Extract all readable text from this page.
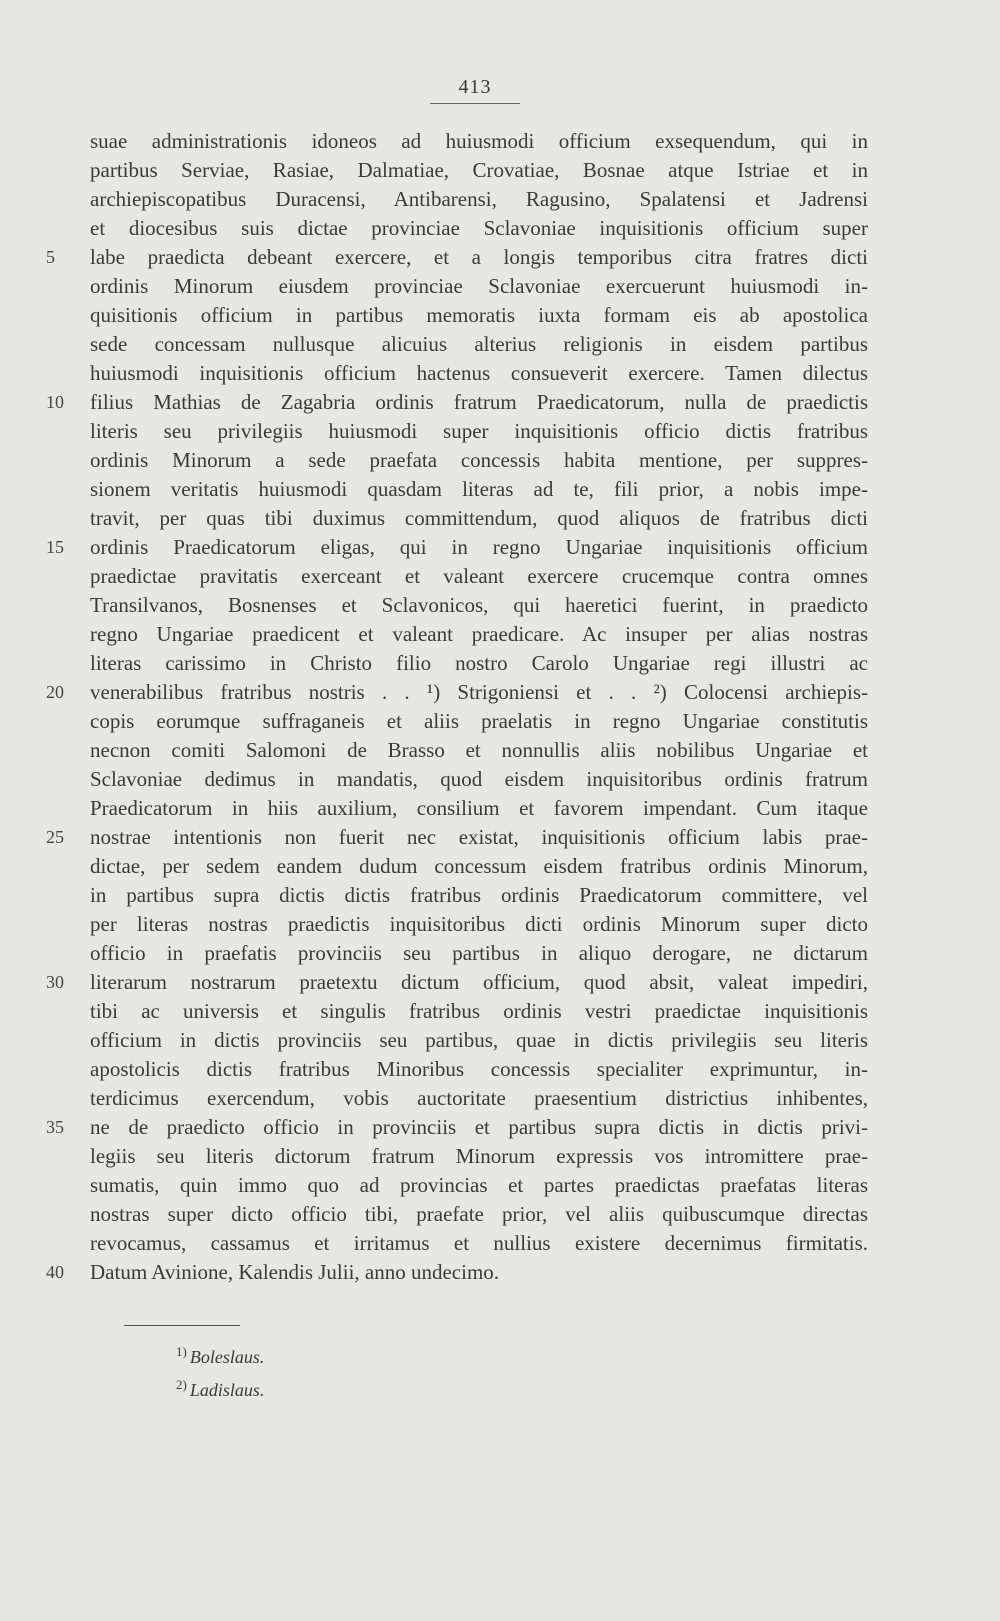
413
suae administrationis idoneos ad huiusmodi officium exsequendum, qui in
partibus Serviae, Rasiae, Dalmatiae, Crovatiae, Bosnae atque Istriae et in
archiepiscopatibus Duracensi, Antibarensi, Ragusino, Spalatensi et Jadrensi
et diocesibus suis dictae provinciae Sclavoniae inquisitionis officium super
5	labe praedicta debeant exercere, et a longis temporibus citra fratres dicti
ordinis Minorum eiusdem provinciae Sclavoniae exercuerunt huiusmodi in-
quisitionis officium in partibus memoratis iuxta formam eis ab apostolica
sede concessam nullusque alicuius alterius religionis in eisdem partibus
huiusmodi inquisitionis officium hactenus consueverit exercere. Tamen dilectus
10	filius Mathias de Zagabria ordinis fratrum Praedicatorum, nulla de praedictis
literis seu privilegiis huiusmodi super inquisitionis officio dictis fratribus
ordinis Minorum a sede praefata concessis habita mentione, per suppres-
sionem veritatis huiusmodi quasdam literas ad te, fili prior, a nobis impe-
travit, per quas tibi duximus committendum, quod aliquos de fratribus dicti
15	ordinis Praedicatorum eligas, qui in regno Ungariae inquisitionis officium
praedictae pravitatis exerceant et valeant exercere crucemque contra omnes
Transilvanos, Bosnenses et Sclavonicos, qui haeretici fuerint, in praedicto
regno Ungariae praedicent et valeant praedicare. Ac insuper per alias nostras
literas carissimo in Christo filio nostro Carolo Ungariae regi illustri ac
20	venerabilibus fratribus nostris . . ¹) Strigoniensi et . . ²) Colocensi archiepis-
copis eorumque suffraganeis et aliis praelatis in regno Ungariae constitutis
necnon comiti Salomoni de Brasso et nonnullis aliis nobilibus Ungariae et
Sclavoniae dedimus in mandatis, quod eisdem inquisitoribus ordinis fratrum
Praedicatorum in hiis auxilium, consilium et favorem impendant. Cum itaque
25	nostrae intentionis non fuerit nec existat, inquisitionis officium labis prae-
dictae, per sedem eandem dudum concessum eisdem fratribus ordinis Minorum,
in partibus supra dictis dictis fratribus ordinis Praedicatorum committere, vel
per literas nostras praedictis inquisitoribus dicti ordinis Minorum super dicto
officio in praefatis provinciis seu partibus in aliquo derogare, ne dictarum
30	literarum nostrarum praetextu dictum officium, quod absit, valeat impediri,
tibi ac universis et singulis fratribus ordinis vestri praedictae inquisitionis
officium in dictis provinciis seu partibus, quae in dictis privilegiis seu literis
apostolicis dictis fratribus Minoribus concessis specialiter exprimuntur, in-
terdicimus exercendum, vobis auctoritate praesentium districtius inhibentes,
35	ne de praedicto officio in provinciis et partibus supra dictis in dictis privi-
legiis seu literis dictorum fratrum Minorum expressis vos intromittere prae-
sumatis, quin immo quo ad provincias et partes praedictas praefatas literas
nostras super dicto officio tibi, praefate prior, vel aliis quibuscumque directas
revocamus, cassamus et irritamus et nullius existere decernimus firmitatis.
40	Datum Avinione, Kalendis Julii, anno undecimo.
$^{1)}$ Boleslaus.
$^{2)}$ Ladislaus.
